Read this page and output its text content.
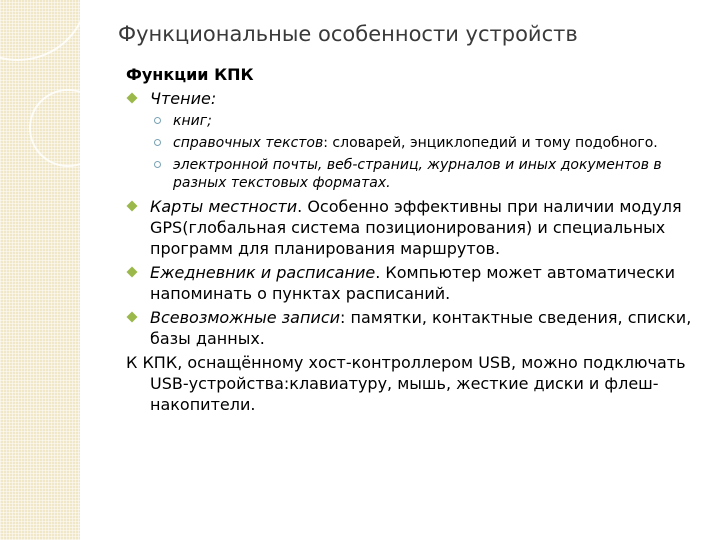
Функциональные особенности устройств
Функции КПК
Чтение:
книг;
справочных текстов: словарей, энциклопедий и тому подобного.
электронной почты, веб-страниц, журналов и иных документов в разных текстовых форматах.
Карты местности. Особенно эффективны при наличии модуля GPS(глобальная система позиционирования) и специальных программ для планирования маршрутов.
Ежедневник и расписание. Компьютер может автоматически напоминать о пунктах расписаний.
Всевозможные записи: памятки, контактные сведения, списки, базы данных.
К КПК, оснащённому хост-контроллером USB, можно подключать USB-устройства:клавиатуру, мышь, жесткие диски и флеш-накопители.
